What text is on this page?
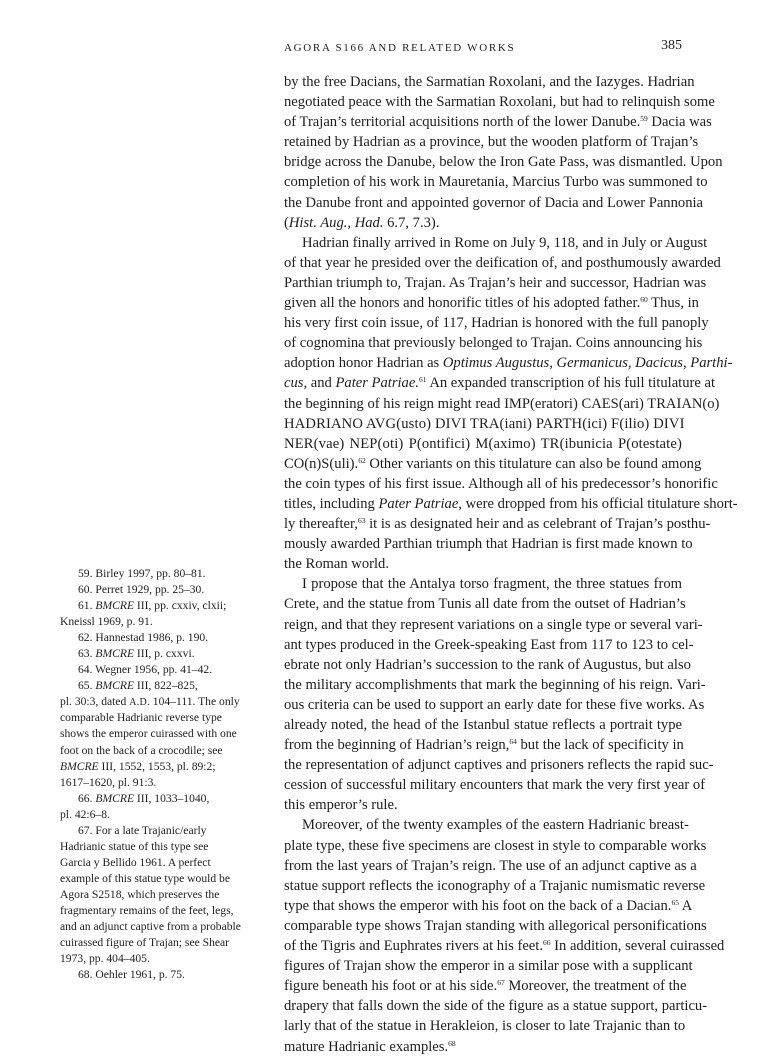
AGORA S166 AND RELATED WORKS	385
by the free Dacians, the Sarmatian Roxolani, and the Iazyges. Hadrian
negotiated peace with the Sarmatian Roxolani, but had to relinquish some
of Trajan’s territorial acquisitions north of the lower Danube.$^{59}$ Dacia was
retained by Hadrian as a province, but the wooden platform of Trajan’s
bridge across the Danube, below the Iron Gate Pass, was dismantled. Upon
completion of his work in Mauretania, Marcius Turbo was summoned to
the Danube front and appointed governor of Dacia and Lower Pannonia
(Hist. Aug., Had. 6.7, 7.3).
Hadrian finally arrived in Rome on July 9, 118, and in July or August
of that year he presided over the deification of, and posthumously awarded
Parthian triumph to, Trajan. As Trajan’s heir and successor, Hadrian was
given all the honors and honorific titles of his adopted father.$^{60}$ Thus, in
his very first coin issue, of 117, Hadrian is honored with the full panoply
of cognomina that previously belonged to Trajan. Coins announcing his
adoption honor Hadrian as Optimus Augustus, Germanicus, Dacicus, Parthi-
cus, and Pater Patriae.$^{61}$ An expanded transcription of his full titulature at
the beginning of his reign might read IMP(eratori) CAES(ari) TRAIAN(o)
HADRIANO AVG(usto) DIVI TRA(iani) PARTH(ici) F(ilio) DIVI
NER(vae) NEP(oti) P(ontifici) M(aximo) TR(ibunicia P(otestate)
CO(n)S(uli).$^{62}$ Other variants on this titulature can also be found among
the coin types of his first issue. Although all of his predecessor’s honorific
titles, including Pater Patriae, were dropped from his official titulature short-
ly thereafter,$^{63}$ it is as designated heir and as celebrant of Trajan’s posthu-
mously awarded Parthian triumph that Hadrian is first made known to
the Roman world.
I propose that the Antalya torso fragment, the three statues from
Crete, and the statue from Tunis all date from the outset of Hadrian’s
reign, and that they represent variations on a single type or several vari-
ant types produced in the Greek-speaking East from 117 to 123 to cel-
ebrate not only Hadrian’s succession to the rank of Augustus, but also
the military accomplishments that mark the beginning of his reign. Vari-
ous criteria can be used to support an early date for these five works. As
already noted, the head of the Istanbul statue reflects a portrait type
from the beginning of Hadrian’s reign,$^{64}$ but the lack of specificity in
the representation of adjunct captives and prisoners reflects the rapid suc-
cession of successful military encounters that mark the very first year of
this emperor’s rule.
Moreover, of the twenty examples of the eastern Hadrianic breast-
plate type, these five specimens are closest in style to comparable works
from the last years of Trajan’s reign. The use of an adjunct captive as a
statue support reflects the iconography of a Trajanic numismatic reverse
type that shows the emperor with his foot on the back of a Dacian.$^{65}$ A
comparable type shows Trajan standing with allegorical personifications
of the Tigris and Euphrates rivers at his feet.$^{66}$ In addition, several cuirassed
figures of Trajan show the emperor in a similar pose with a supplicant
figure beneath his foot or at his side.$^{67}$ Moreover, the treatment of the
drapery that falls down the side of the figure as a statue support, particu-
larly that of the statue in Herakleion, is closer to late Trajanic than to
mature Hadrianic examples.$^{68}$
59. Birley 1997, pp. 80–81.
60. Perret 1929, pp. 25–30.
61. BMCRE III, pp. cxxiv, clxii;
Kneissl 1969, p. 91.
62. Hannestad 1986, p. 190.
63. BMCRE III, p. cxxvi.
64. Wegner 1956, pp. 41–42.
65. BMCRE III, 822–825,
pl. 30:3, dated A.D. 104–111. The only
comparable Hadrianic reverse type
shows the emperor cuirassed with one
foot on the back of a crocodile; see
BMCRE III, 1552, 1553, pl. 89:2;
1617–1620, pl. 91:3.
66. BMCRE III, 1033–1040,
pl. 42:6–8.
67. For a late Trajanic/early
Hadrianic statue of this type see
Garcia y Bellido 1961. A perfect
example of this statue type would be
Agora S2518, which preserves the
fragmentary remains of the feet, legs,
and an adjunct captive from a probable
cuirassed figure of Trajan; see Shear
1973, pp. 404–405.
68. Oehler 1961, p. 75.
